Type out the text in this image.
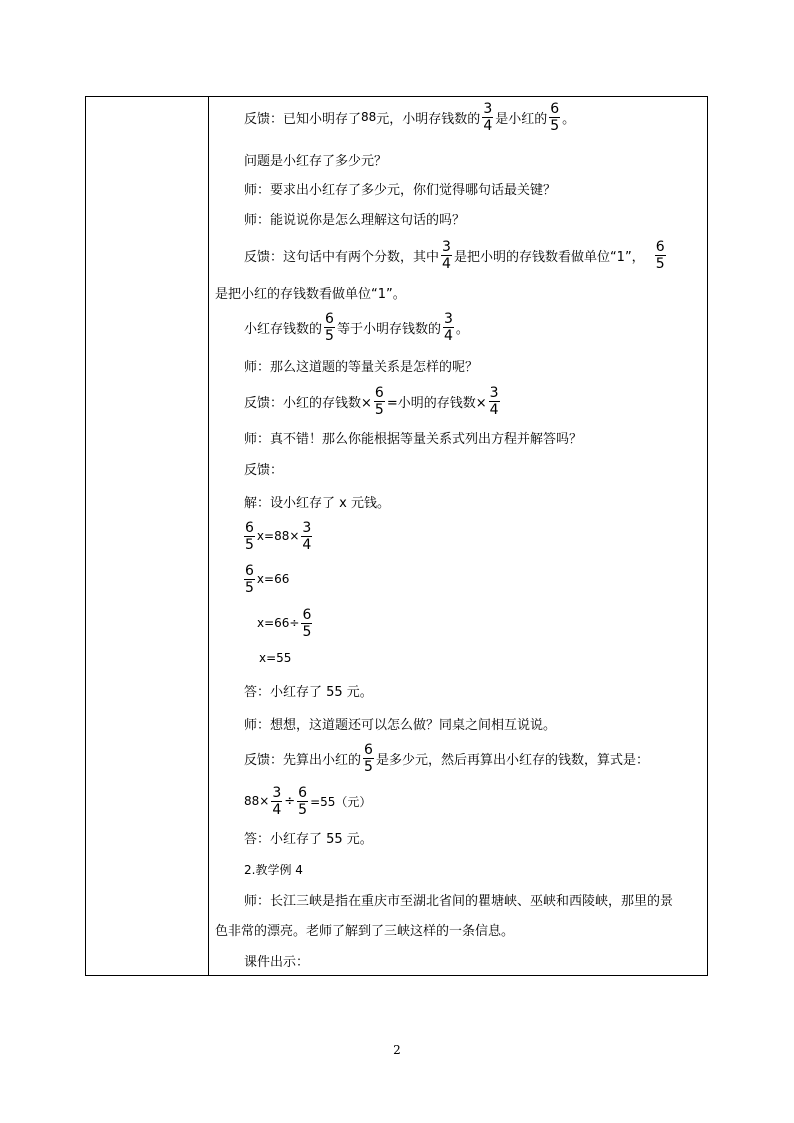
反馈：已知小明存了 88 元，小明存钱数的 $\frac{3}{4}$ 是小红的 $\frac{6}{5}$ 。
问题是小红存了多少元？
师：要求出小红存了多少元，你们觉得哪句话最关键？
师：能说说你是怎么理解这句话的吗？
反馈：这句话中有两个分数，其中 $\frac{3}{4}$ 是把小明的存钱数看做单位“1”， $\frac{6}{5}$
是把小红的存钱数看做单位“1”。
小红存钱数的 $\frac{6}{5}$ 等于小明存钱数的 $\frac{3}{4}$ 。
师：那么这道题的等量关系是怎样的呢？
反馈：小红的存钱数× $\frac{6}{5}$ =小明的存钱数× $\frac{3}{4}$
师：真不错！那么你能根据等量关系式列出方程并解答吗？
反馈：
解：设小红存了 x 元钱。
$\frac{6}{5} x=88\times \frac{3}{4}$
$\frac{6}{5} x=66$
$x=66\div \frac{6}{5}$
x=55
答：小红存了 55 元。
师：想想，这道题还可以怎么做？同桌之间相互说说。
反馈：先算出小红的 $\frac{6}{5}$ 是多少元，然后再算出小红存的钱数，算式是：
$88\times \frac{3}{4} \div \frac{6}{5} =55$（元）
答：小红存了 55 元。
2.教学例 4
师：长江三峡是指在重庆市至湖北省间的瞿塘峡、巫峡和西陵峡，那里的景
色非常的漂亮。老师了解到了三峡这样的一条信息。
课件出示：
2
